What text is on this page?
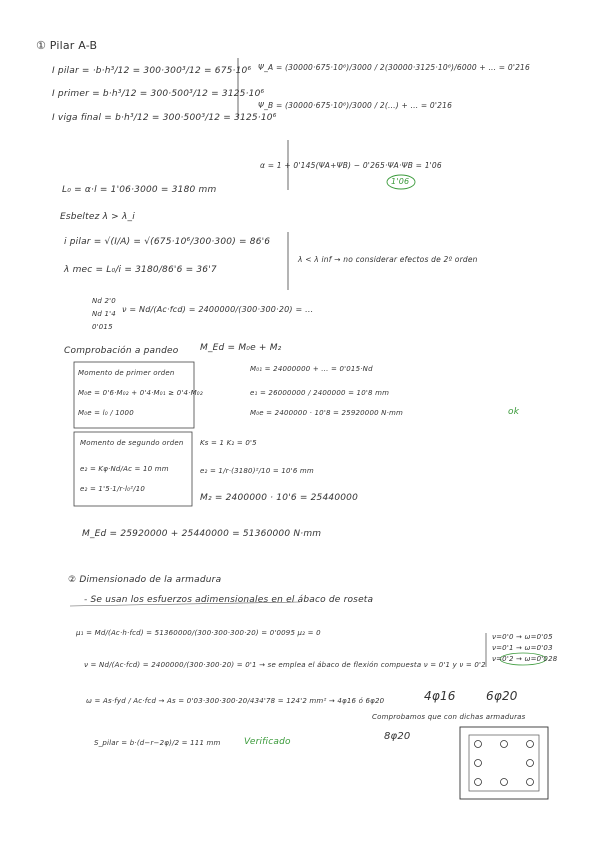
① Pilar A-B
I pilar = ·b·h³/12 = 300·300³/12 = 675·10⁶
I primer = b·h³/12 = 300·500³/12 = 3125·10⁶
I viga final = b·h³/12 = 300·500³/12 = 3125·10⁶
Ψ_A = (30000·675·10⁶)/3000 / 2(30000·3125·10⁶)/6000 + ... = 0'216
Ψ_B = (30000·675·10⁶)/3000 / 2(...) + ... = 0'216
α = 1 + 0'145(ΨA+ΨB) − 0'265·ΨA·ΨB = 1'06
1'06
L₀ = α·l = 1'06·3000 = 3180 mm
Esbeltez λ > λ_i
i pilar = √(I/A) = √(675·10⁶/300·300) = 86'6
λ mec = L₀/i = 3180/86'6 = 36'7
λ < λ inf → no considerar efectos de 2º orden
Nd 2'0
Nd 1'4
0'015
ν = Nd/(Ac·fcd) = 2400000/(300·300·20) = ...
Comprobación a pandeo M_Ed = M₀e + M₂
Momento de primer orden
M₀e = 0'6·M₀₂ + 0'4·M₀₁ ≥ 0'4·M₀₂
M₀e = l₀ / 1000
M₀₁ = 24000000 + ... = 0'015·Nd
e₁ = 26000000 / 2400000 = 10'8 mm
M₀e = 2400000 · 10'8 = 25920000 N·mm	ok
Momento de segundo orden
e₂ = Kφ·Nd/Ac = 10 mm
e₂ = 1'5·1/r·l₀²/10
Ks = 1 K₂ = 0'5
e₂ = 1/r·(3180)²/10 = 10'6 mm
M₂ = 2400000 · 10'6 = 25440000
M_Ed = 25920000 + 25440000 = 51360000 N·mm
② Dimensionado de la armadura
- Se usan los esfuerzos adimensionales en el ábaco de roseta
μ₁ = Md/(Ac·h·fcd) = 51360000/(300·300·300·20) = 0'0095 μ₂ = 0
ν = Nd/(Ac·fcd) = 2400000/(300·300·20) = 0'1 → se emplea el ábaco de flexión compuesta ν = 0'1 y ν = 0'2
ν=0'0 → ω=0'05
ν=0'1 → ω=0'03
ν=0'2 → ω=0'028
ω = As·fyd / Ac·fcd → As = 0'03·300·300·20/434'78 = 124'2 mm² → 4φ16 ó 6φ20	4φ16	6φ20
Comprobamos que con dichas armaduras
S_pilar = b·(d−r−2φ)/2 = 111 mm	Verificado	8φ20
